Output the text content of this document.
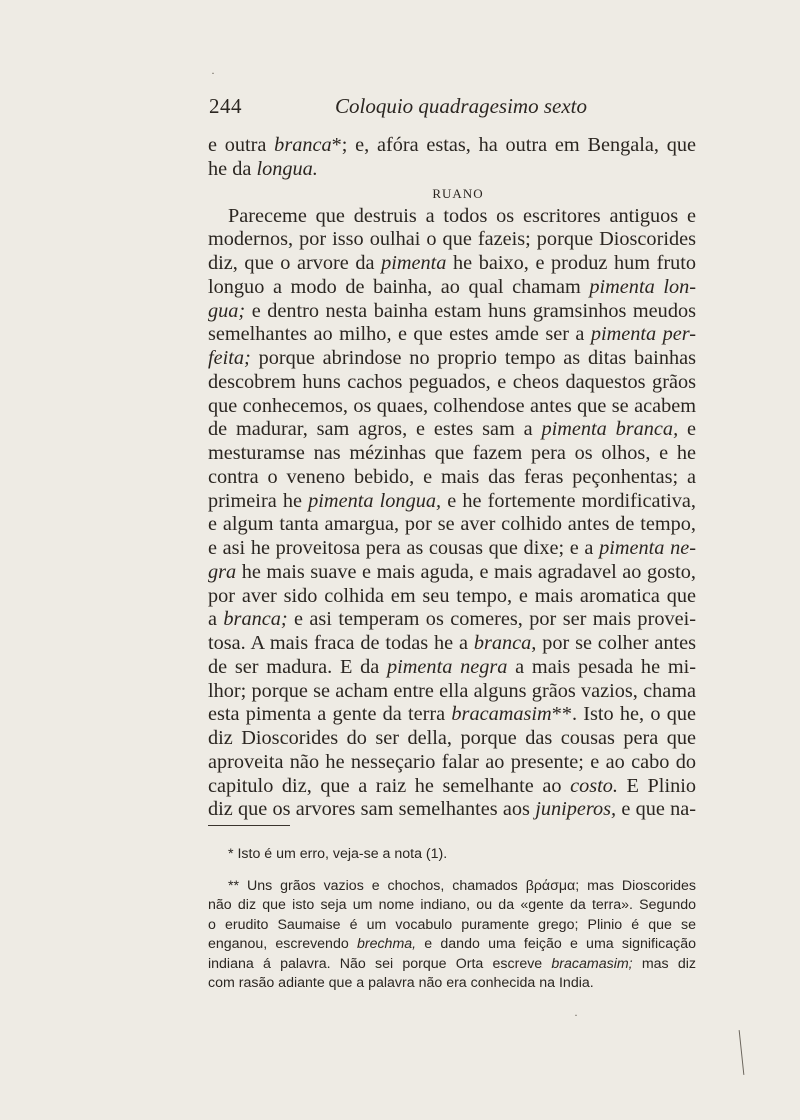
244	Coloquio quadragesimo sexto
e outra branca*; e, afóra estas, ha outra em Bengala, que
he da longua.
RUANO
Pareceme que destruis a todos os escritores antiguos e
modernos, por isso oulhai o que fazeis; porque Dioscorides
diz, que o arvore da pimenta he baixo, e produz hum fruto
longuo a modo de bainha, ao qual chamam pimenta lon-
gua; e dentro nesta bainha estam huns gramsinhos meudos
semelhantes ao milho, e que estes amde ser a pimenta per-
feita; porque abrindose no proprio tempo as ditas bainhas
descobrem huns cachos peguados, e cheos daquestos grãos
que conhecemos, os quaes, colhendose antes que se acabem
de madurar, sam agros, e estes sam a pimenta branca, e
mesturamse nas mézinhas que fazem pera os olhos, e he
contra o veneno bebido, e mais das feras peçonhentas; a
primeira he pimenta longua, e he fortemente mordificativa,
e algum tanta amargua, por se aver colhido antes de tempo,
e asi he proveitosa pera as cousas que dixe; e a pimenta ne-
gra he mais suave e mais aguda, e mais agradavel ao gosto,
por aver sido colhida em seu tempo, e mais aromatica que
a branca; e asi temperam os comeres, por ser mais provei-
tosa. A mais fraca de todas he a branca, por se colher antes
de ser madura. E da pimenta negra a mais pesada he mi-
lhor; porque se acham entre ella alguns grãos vazios, chama
esta pimenta a gente da terra bracamasim**. Isto he, o que
diz Dioscorides do ser della, porque das cousas pera que
aproveita não he nesseçario falar ao presente; e ao cabo do
capitulo diz, que a raiz he semelhante ao costo. E Plinio
diz que os arvores sam semelhantes aos juniperos, e que na-
* Isto é um erro, veja-se a nota (1).
** Uns grãos vazios e chochos, chamados βράσμα; mas Dioscorides
não diz que isto seja um nome indiano, ou da «gente da terra». Segundo
o erudito Saumaise é um vocabulo puramente grego; Plinio é que se
enganou, escrevendo brechma, e dando uma feição e uma significação
indiana á palavra. Não sei porque Orta escreve bracamasim; mas diz
com rasão adiante que a palavra não era conhecida na India.
·
·
